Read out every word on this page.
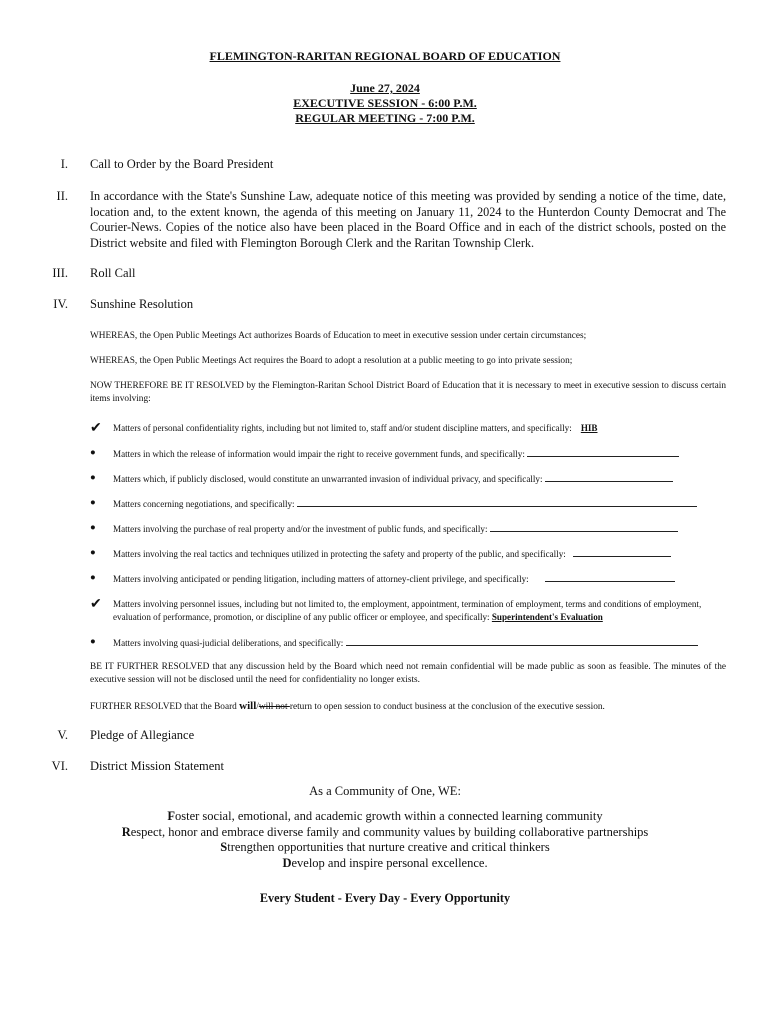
FLEMINGTON-RARITAN REGIONAL BOARD OF EDUCATION
June 27, 2024
EXECUTIVE SESSION - 6:00 P.M.
REGULAR MEETING - 7:00 P.M.
I. Call to Order by the Board President
II. In accordance with the State's Sunshine Law, adequate notice of this meeting was provided by sending a notice of the time, date, location and, to the extent known, the agenda of this meeting on January 11, 2024 to the Hunterdon County Democrat and The Courier-News. Copies of the notice also have been placed in the Board Office and in each of the district schools, posted on the District website and filed with Flemington Borough Clerk and the Raritan Township Clerk.
III. Roll Call
IV. Sunshine Resolution
WHEREAS, the Open Public Meetings Act authorizes Boards of Education to meet in executive session under certain circumstances;
WHEREAS, the Open Public Meetings Act requires the Board to adopt a resolution at a public meeting to go into private session;
NOW THEREFORE BE IT RESOLVED by the Flemington-Raritan School District Board of Education that it is necessary to meet in executive session to discuss certain items involving:
✔	Matters of personal confidentiality rights, including but not limited to, staff and/or student discipline matters, and specifically: HIB
●	Matters in which the release of information would impair the right to receive government funds, and specifically:
●	Matters which, if publicly disclosed, would constitute an unwarranted invasion of individual privacy, and specifically:
●	Matters concerning negotiations, and specifically:
●	Matters involving the purchase of real property and/or the investment of public funds, and specifically:
●	Matters involving the real tactics and techniques utilized in protecting the safety and property of the public, and specifically:
●	Matters involving anticipated or pending litigation, including matters of attorney-client privilege, and specifically:
✔	Matters involving personnel issues, including but not limited to, the employment, appointment, termination of employment, terms and conditions of employment, evaluation of performance, promotion, or discipline of any public officer or employee, and specifically: Superintendent's Evaluation
●	Matters involving quasi-judicial deliberations, and specifically:
BE IT FURTHER RESOLVED that any discussion held by the Board which need not remain confidential will be made public as soon as feasible. The minutes of the executive session will not be disclosed until the need for confidentiality no longer exists.
FURTHER RESOLVED that the Board will/will not return to open session to conduct business at the conclusion of the executive session.
V. Pledge of Allegiance
VI. District Mission Statement
As a Community of One, WE:
Foster social, emotional, and academic growth within a connected learning community
Respect, honor and embrace diverse family and community values by building collaborative partnerships
Strengthen opportunities that nurture creative and critical thinkers
Develop and inspire personal excellence.
Every Student - Every Day - Every Opportunity
